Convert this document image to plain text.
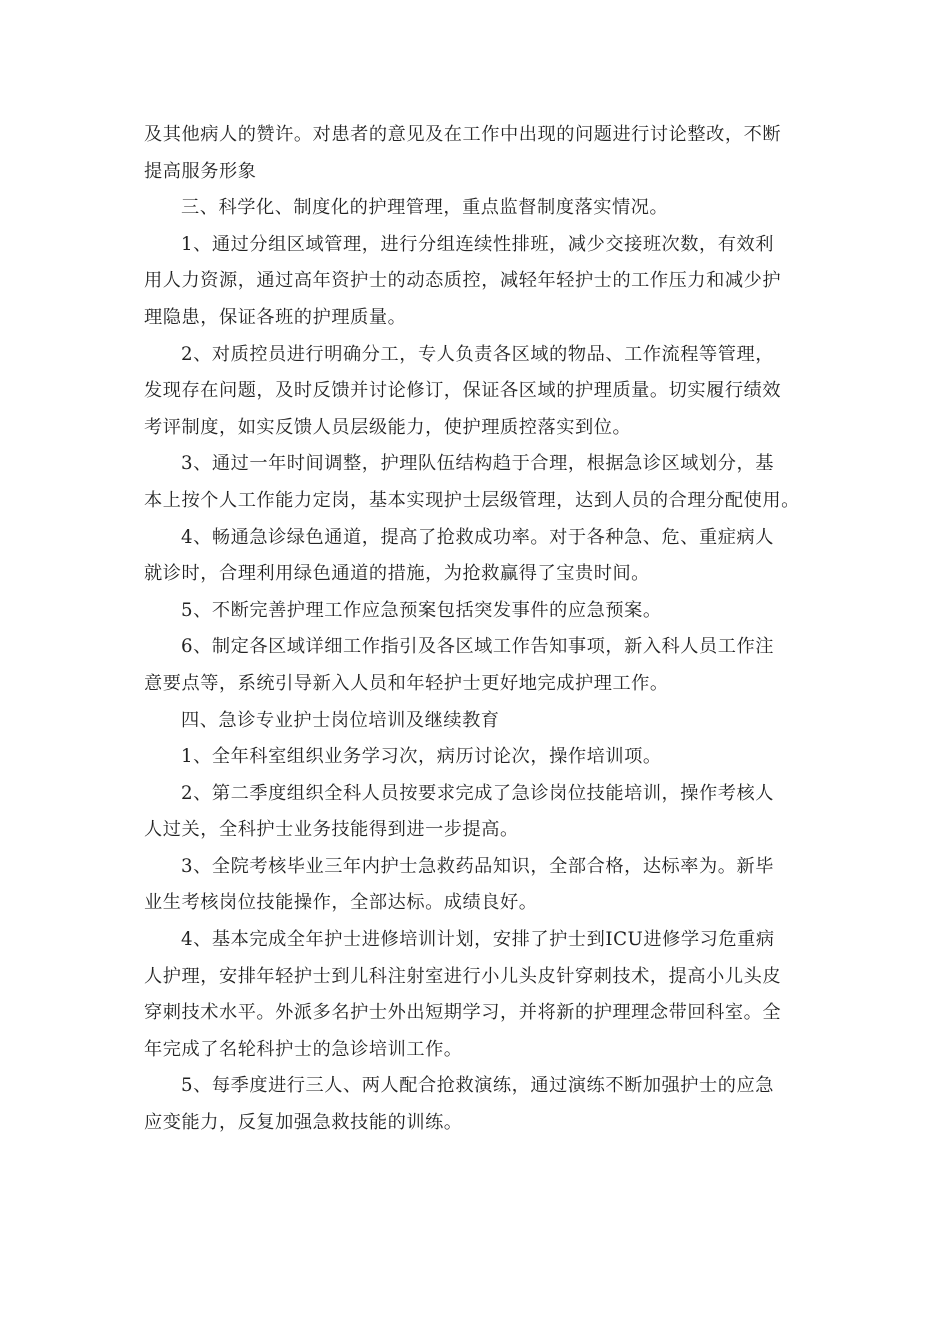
及其他病人的赞许。对患者的意见及在工作中出现的问题进行讨论整改，不断
提高服务形象

三、科学化、制度化的护理管理，重点监督制度落实情况。

1、通过分组区域管理，进行分组连续性排班，减少交接班次数，有效利
用人力资源，通过高年资护士的动态质控，减轻年轻护士的工作压力和减少护
理隐患，保证各班的护理质量。

2、对质控员进行明确分工，专人负责各区域的物品、工作流程等管理，
发现存在问题，及时反馈并讨论修订，保证各区域的护理质量。切实履行绩效
考评制度，如实反馈人员层级能力，使护理质控落实到位。

3、通过一年时间调整，护理队伍结构趋于合理，根据急诊区域划分，基
本上按个人工作能力定岗，基本实现护士层级管理，达到人员的合理分配使用。

4、畅通急诊绿色通道，提高了抢救成功率。对于各种急、危、重症病人
就诊时，合理利用绿色通道的措施，为抢救赢得了宝贵时间。

5、不断完善护理工作应急预案包括突发事件的应急预案。

6、制定各区域详细工作指引及各区域工作告知事项，新入科人员工作注
意要点等，系统引导新入人员和年轻护士更好地完成护理工作。

四、急诊专业护士岗位培训及继续教育

1、全年科室组织业务学习次，病历讨论次，操作培训项。

2、第二季度组织全科人员按要求完成了急诊岗位技能培训，操作考核人
人过关，全科护士业务技能得到进一步提高。

3、全院考核毕业三年内护士急救药品知识，全部合格，达标率为。新毕
业生考核岗位技能操作，全部达标。成绩良好。

4、基本完成全年护士进修培训计划，安排了护士到ICU进修学习危重病
人护理，安排年轻护士到儿科注射室进行小儿头皮针穿刺技术，提高小儿头皮
穿刺技术水平。外派多名护士外出短期学习，并将新的护理理念带回科室。全
年完成了名轮科护士的急诊培训工作。

5、每季度进行三人、两人配合抢救演练，通过演练不断加强护士的应急
应变能力，反复加强急救技能的训练。
